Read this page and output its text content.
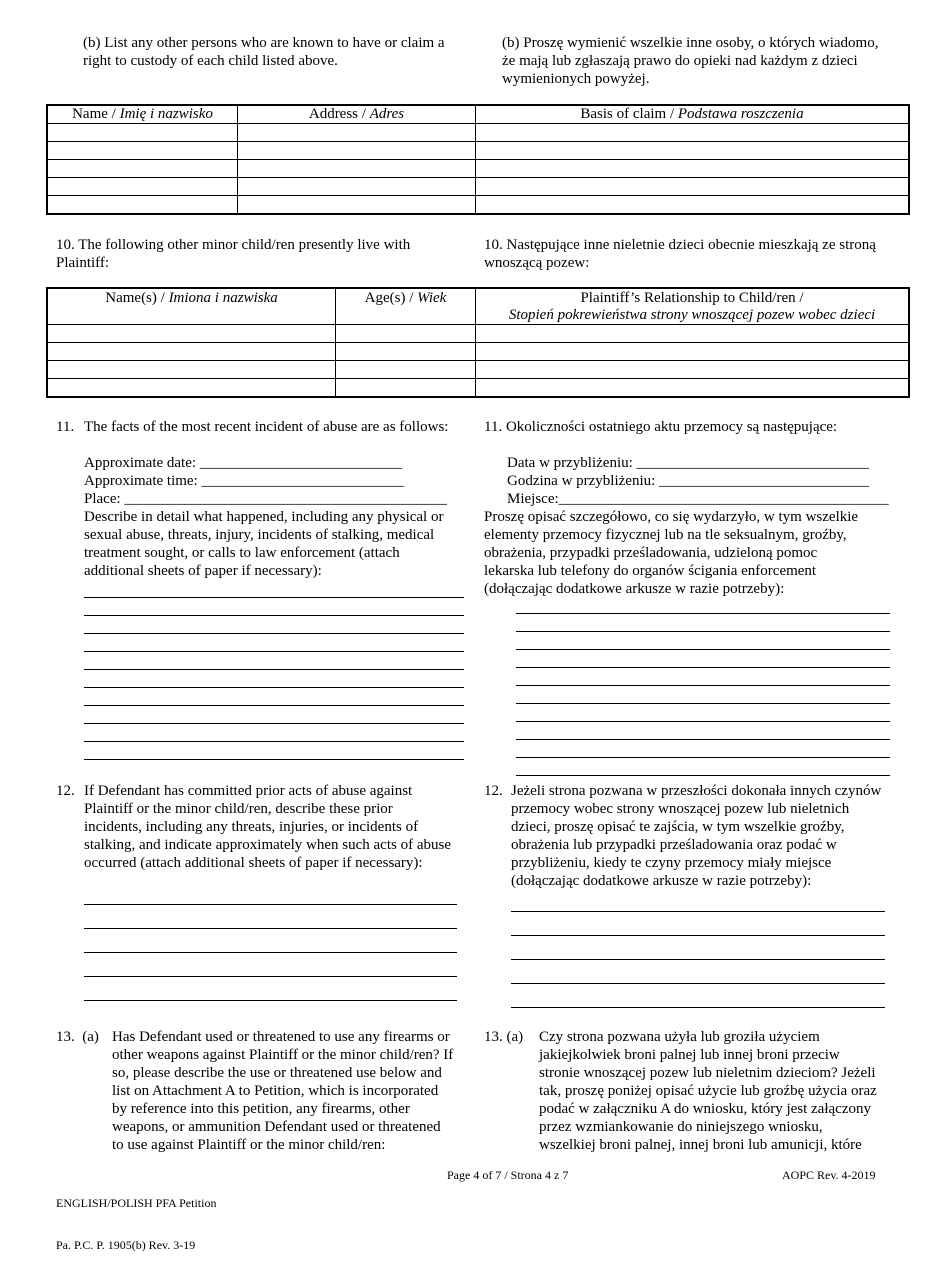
(b) List any other persons who are known to have or claim a
right to custody of each child listed above.
(b) Proszę wymienić wszelkie inne osoby, o których wiadomo,
że mają lub zgłaszają prawo do opieki nad każdym z dzieci
wymienionych powyżej.
Name / Imię i nazwisko	Address / Adres	Basis of claim / Podstawa roszczenia

10. The following other minor child/ren presently live with
Plaintiff:
10. Następujące inne nieletnie dzieci obecnie mieszkają ze stroną
wnoszącą pozew:
Name(s) / Imiona i nazwiska	Age(s) / Wiek	Plaintiff’s Relationship to Child/ren /
Stopień pokrewieństwa strony wnoszącej pozew wobec dzieci

11. The facts of the most recent incident of abuse are as follows:
Approximate date: ___________________________
Approximate time: ___________________________
Place: ___________________________________________
Describe in detail what happened, including any physical or
sexual abuse, threats, injury, incidents of stalking, medical
treatment sought, or calls to law enforcement (attach
additional sheets of paper if necessary):
11. Okoliczności ostatniego aktu przemocy są następujące:
Data w przybliżeniu: _______________________________
Godzina w przybliżeniu: ____________________________
Miejsce:____________________________________________
Proszę opisać szczegółowo, co się wydarzyło, w tym wszelkie
elementy przemocy fizycznej lub na tle seksualnym, groźby,
obrażenia, przypadki prześladowania, udzieloną pomoc
lekarska lub telefony do organów ścigania enforcement
(dołączając dodatkowe arkusze w razie potrzeby):
12. If Defendant has committed prior acts of abuse against
Plaintiff or the minor child/ren, describe these prior
incidents, including any threats, injuries, or incidents of
stalking, and indicate approximately when such acts of abuse
occurred (attach additional sheets of paper if necessary):
12. Jeżeli strona pozwana w przeszłości dokonała innych czynów
przemocy wobec strony wnoszącej pozew lub nieletnich
dzieci, proszę opisać te zajścia, w tym wszelkie groźby,
obrażenia lub przypadki prześladowania oraz podać w
przybliżeniu, kiedy te czyny przemocy miały miejsce
(dołączając dodatkowe arkusze w razie potrzeby):
13.  (a) Has Defendant used or threatened to use any firearms or
other weapons against Plaintiff or the minor child/ren? If
so, please describe the use or threatened use below and
list on Attachment A to Petition, which is incorporated
by reference into this petition, any firearms, other
weapons, or ammunition Defendant used or threatened
to use against Plaintiff or the minor child/ren:
13. (a) Czy strona pozwana użyła lub groziła użyciem
jakiejkolwiek broni palnej lub innej broni przeciw
stronie wnoszącej pozew lub nieletnim dzieciom? Jeżeli
tak, proszę poniżej opisać użycie lub groźbę użycia oraz
podać w załączniku A do wniosku, który jest załączony
przez wzmiankowanie do niniejszego wniosku,
wszelkiej broni palnej, innej broni lub amunicji, które

ENGLISH/POLISH PFA Petition

Pa. P.C. P. 1905(b) Rev. 3-19

Page 4 of 7 / Strona 4 z 7	AOPC Rev. 4-2019
